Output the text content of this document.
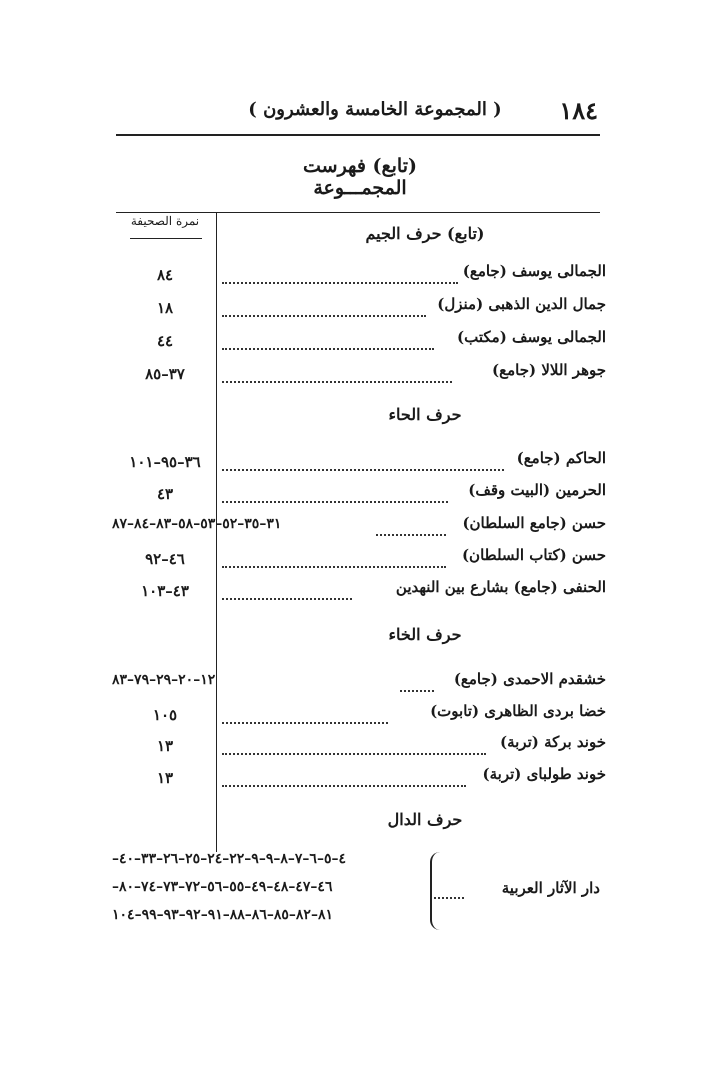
١٨٤
( المجموعة الخامسة والعشرون )
(تابع) فهرست المجمـــوعة
نمرة الصحيفة
(تابع) حرف الجيم
الجمالى يوسف (جامع)
٨٤
جمال الدين الذهبى (منزل)
١٨
الجمالى يوسف (مكتب)
٤٤
جوهر اللالا (جامع)
٣٧–٨٥
حرف الحاء
الحاكم (جامع)
٣٦–٩٥–١٠١
الحرمين (البيت وقف)
٤٣
حسن (جامع السلطان)
٣١–٣٥–٥٢–٥٣–٥٨–٨٣–٨٤–٨٧
حسن (كتاب السلطان)
٤٦–٩٢
الحنفى (جامع) بشارع بين النهدين
٤٣–١٠٣
حرف الخاء
خشقدم الاحمدى (جامع)
١٢–٢٠–٢٩–٧٩–٨٣
خضا بردى الظاهرى (تابوت)
١٠٥
خوند بركة (تربة)
١٣
خوند طولباى (تربة)
١٣
حرف الدال
٤–٥–٦–٧–٨–٩–٩–٢٢–٢٤–٢٥–٢٦–٣٣–٤٠–
٤٦–٤٧–٤٨–٤٩–٥٥–٥٦–٧٢–٧٣–٧٤–٨٠–
٨١–٨٢–٨٥–٨٦–٨٨–٩١–٩٢–٩٣–٩٩–١٠٤
دار الآثار العربية
